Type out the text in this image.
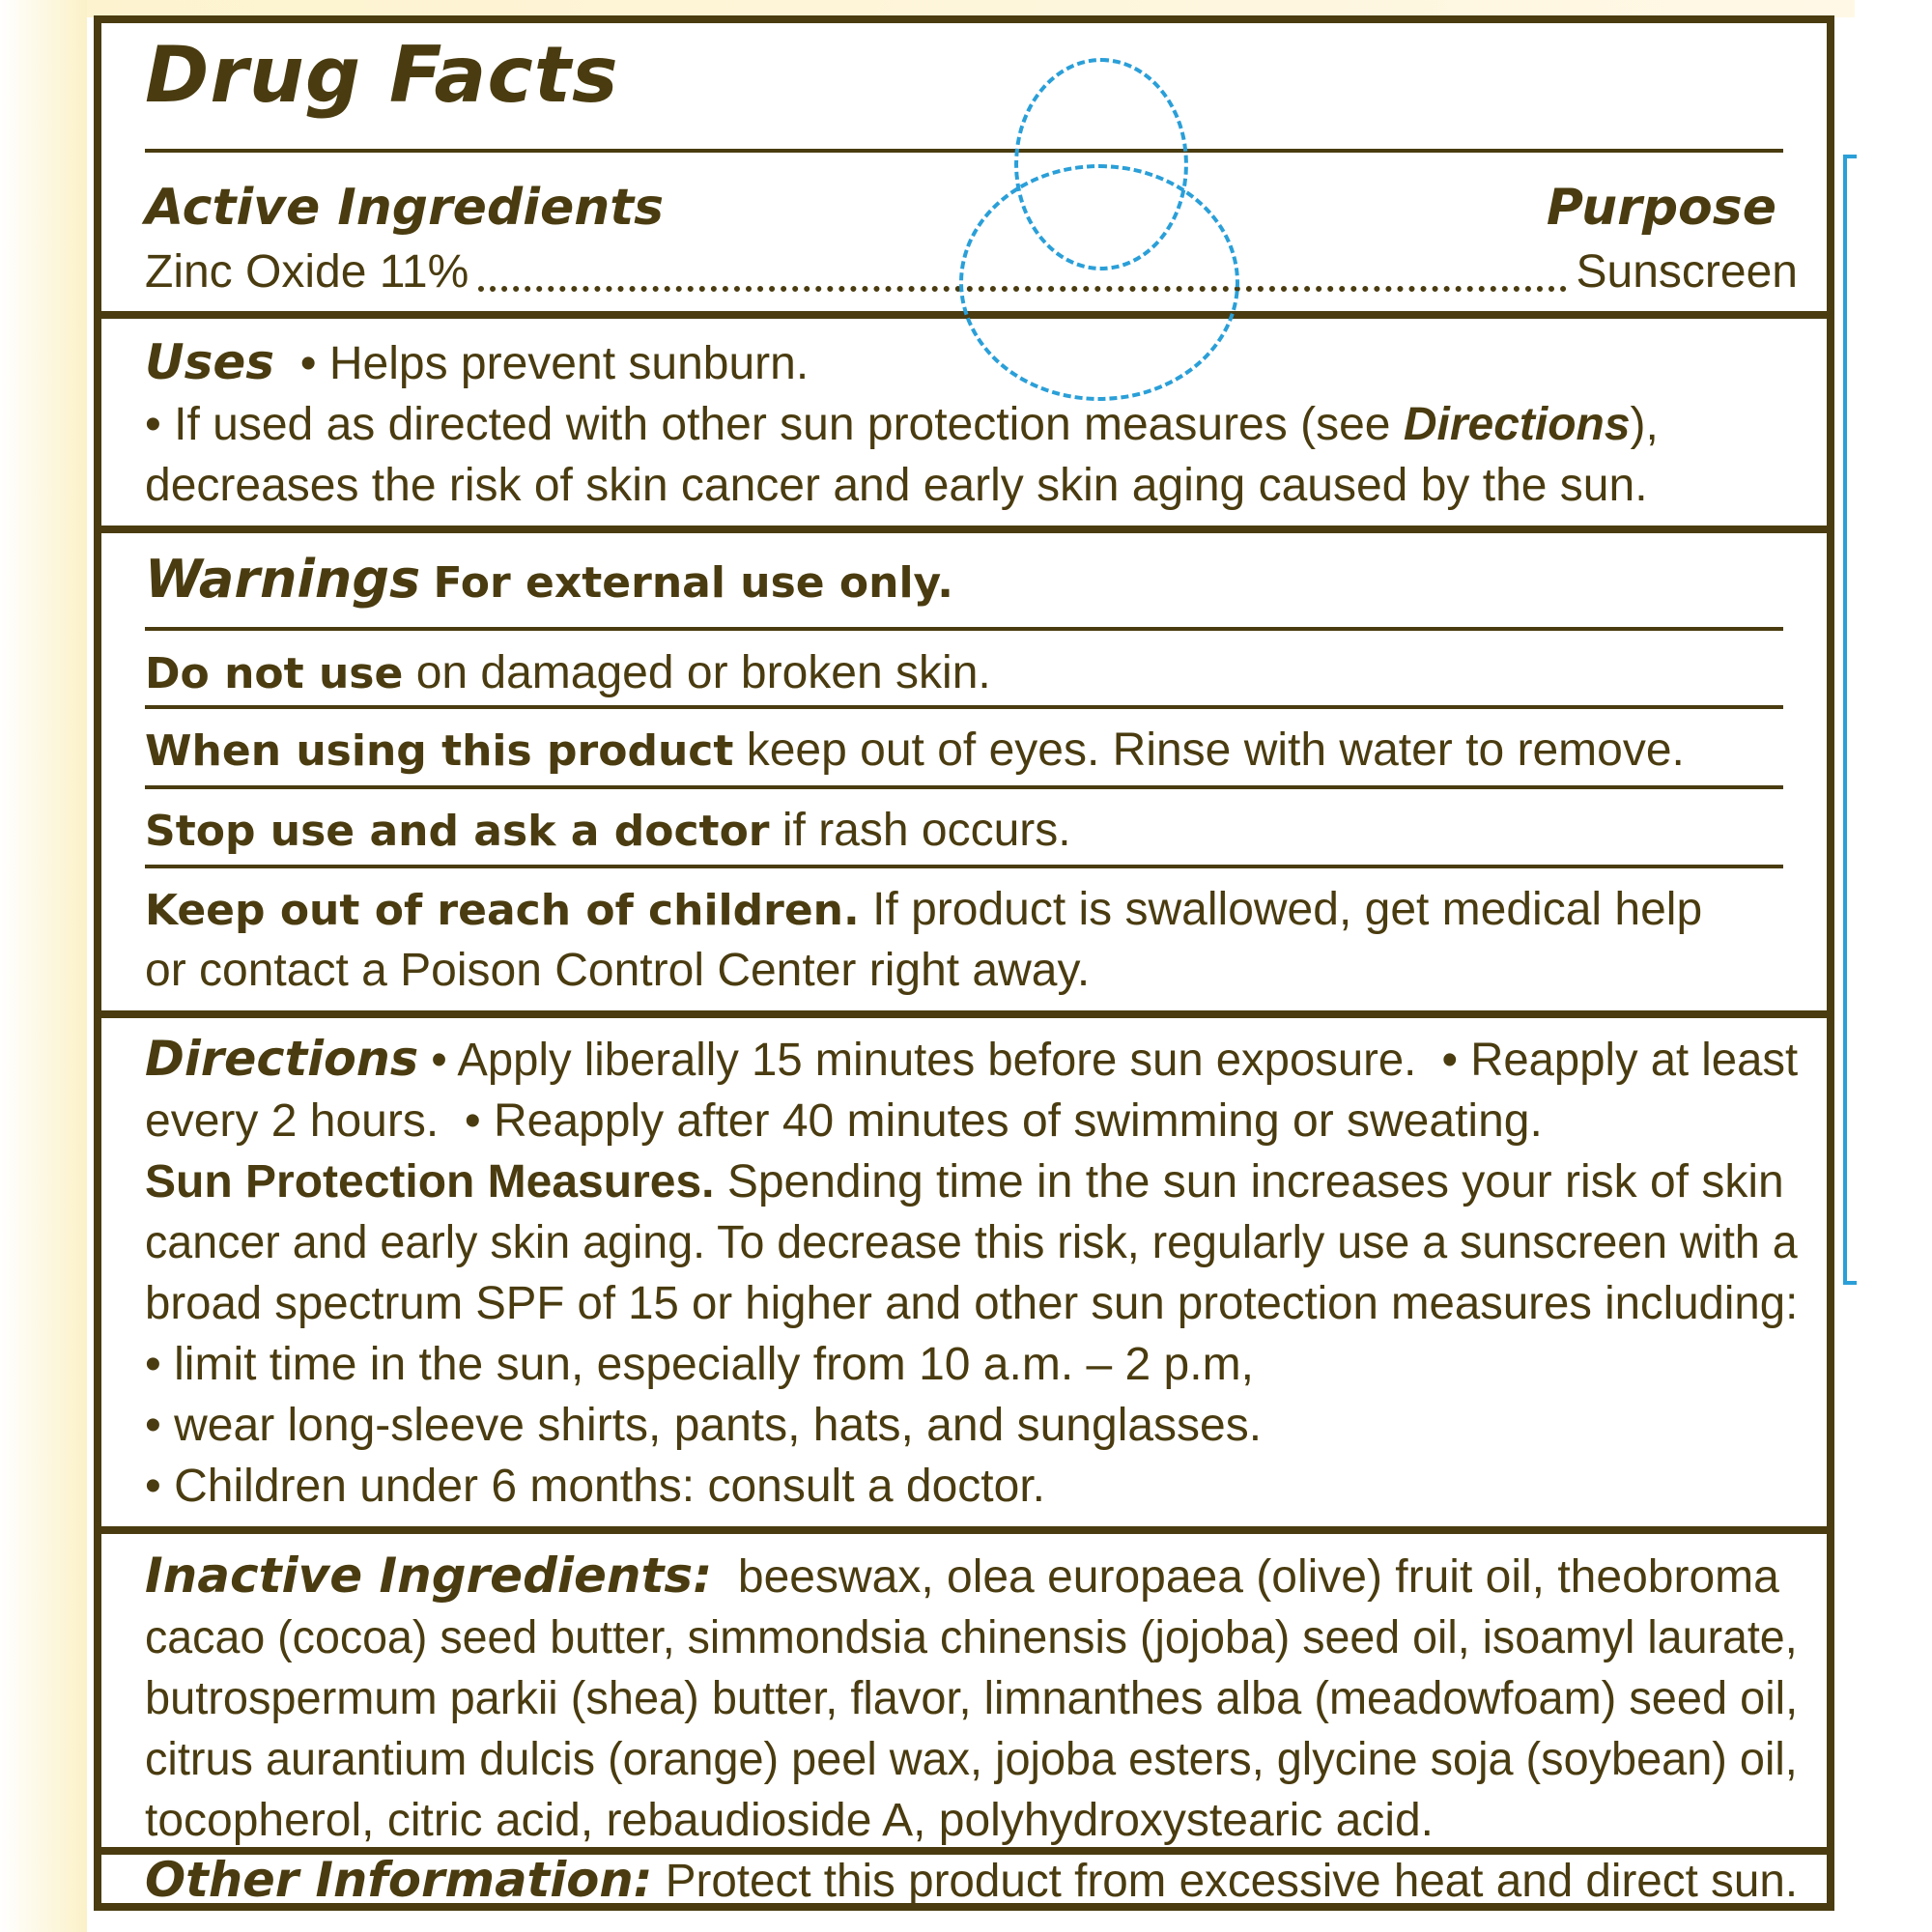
Drug Facts
Active Ingredients	Purpose
Zinc Oxide 11%	Sunscreen
Uses  • Helps prevent sunburn.
• If used as directed with other sun protection measures (see Directions),
decreases the risk of skin cancer and early skin aging caused by the sun.
Warnings For external use only.
Do not use on damaged or broken skin.
When using this product keep out of eyes. Rinse with water to remove.
Stop use and ask a doctor if rash occurs.
Keep out of reach of children. If product is swallowed, get medical help
or contact a Poison Control Center right away.
Directions • Apply liberally 15 minutes before sun exposure.  • Reapply at least
every 2 hours.  • Reapply after 40 minutes of swimming or sweating.
Sun Protection Measures. Spending time in the sun increases your risk of skin
cancer and early skin aging. To decrease this risk, regularly use a sunscreen with a
broad spectrum SPF of 15 or higher and other sun protection measures including:
• limit time in the sun, especially from 10 a.m. – 2 p.m,
• wear long-sleeve shirts, pants, hats, and sunglasses.
• Children under 6 months: consult a doctor.
Inactive Ingredients: beeswax, olea europaea (olive) fruit oil, theobroma
cacao (cocoa) seed butter, simmondsia chinensis (jojoba) seed oil, isoamyl laurate,
butrospermum parkii (shea) butter, flavor, limnanthes alba (meadowfoam) seed oil,
citrus aurantium dulcis (orange) peel wax, jojoba esters, glycine soja (soybean) oil,
tocopherol, citric acid, rebaudioside A, polyhydroxystearic acid.
Other Information: Protect this product from excessive heat and direct sun.
